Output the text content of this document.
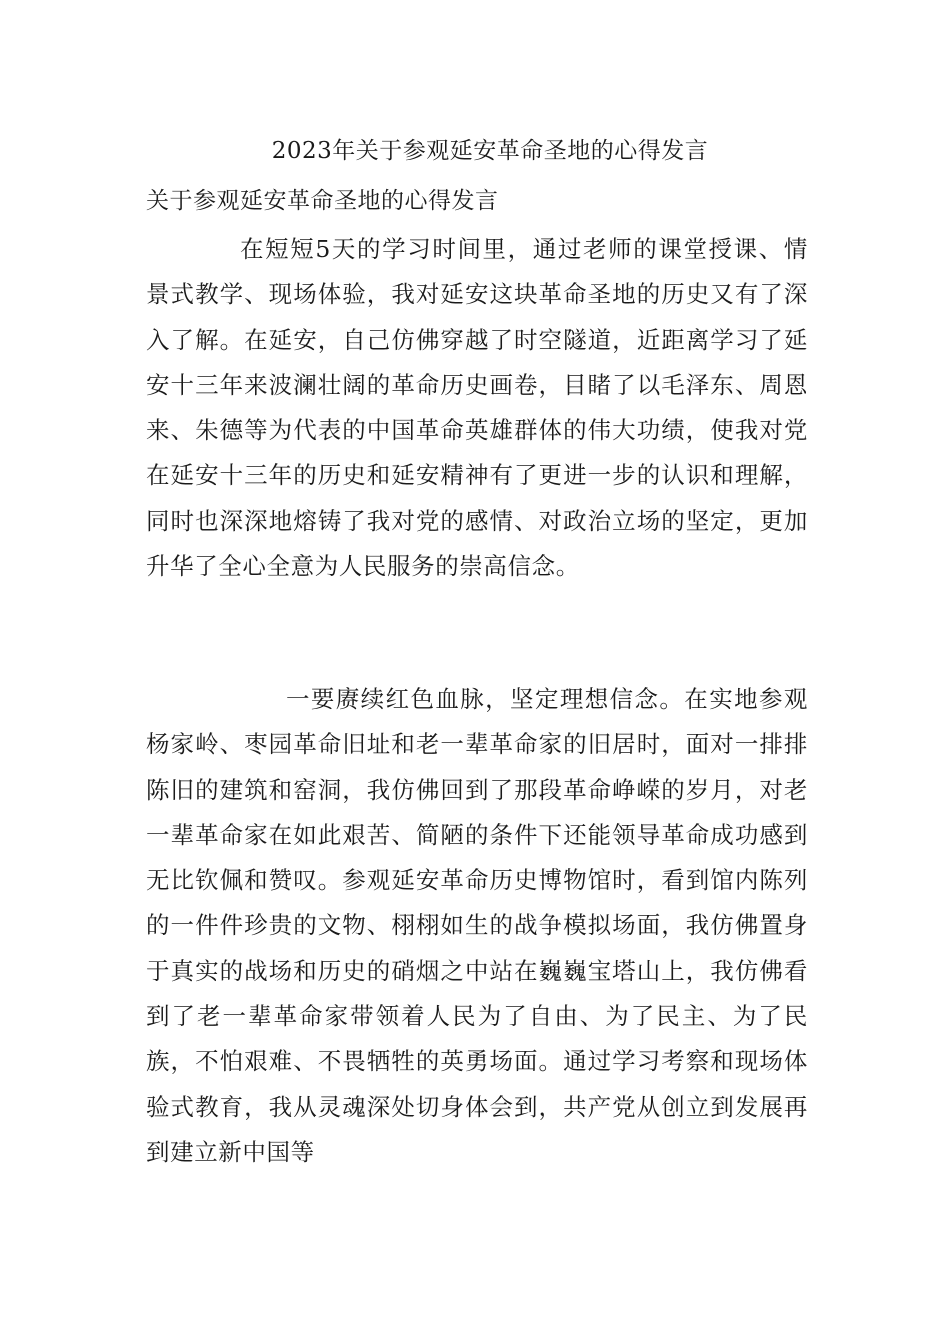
2023年关于参观延安革命圣地的心得发言
关于参观延安革命圣地的心得发言

在短短5天的学习时间里，通过老师的课堂授课、情景式教学、现场体验，我对延安这块革命圣地的历史又有了深入了解。在延安，自己仿佛穿越了时空隧道，近距离学习了延安十三年来波澜壮阔的革命历史画卷，目睹了以毛泽东、周恩来、朱德等为代表的中国革命英雄群体的伟大功绩，使我对党在延安十三年的历史和延安精神有了更进一步的认识和理解，同时也深深地熔铸了我对党的感情、对政治立场的坚定，更加升华了全心全意为人民服务的崇高信念。

一要赓续红色血脉，坚定理想信念。在实地参观杨家岭、枣园革命旧址和老一辈革命家的旧居时，面对一排排陈旧的建筑和窑洞，我仿佛回到了那段革命峥嵘的岁月，对老一辈革命家在如此艰苦、简陋的条件下还能领导革命成功感到无比钦佩和赞叹。参观延安革命历史博物馆时，看到馆内陈列的一件件珍贵的文物、栩栩如生的战争模拟场面，我仿佛置身于真实的战场和历史的硝烟之中站在巍巍宝塔山上，我仿佛看到了老一辈革命家带领着人民为了自由、为了民主、为了民族，不怕艰难、不畏牺牲的英勇场面。通过学习考察和现场体验式教育，我从灵魂深处切身体会到，共产党从创立到发展再到建立新中国等
